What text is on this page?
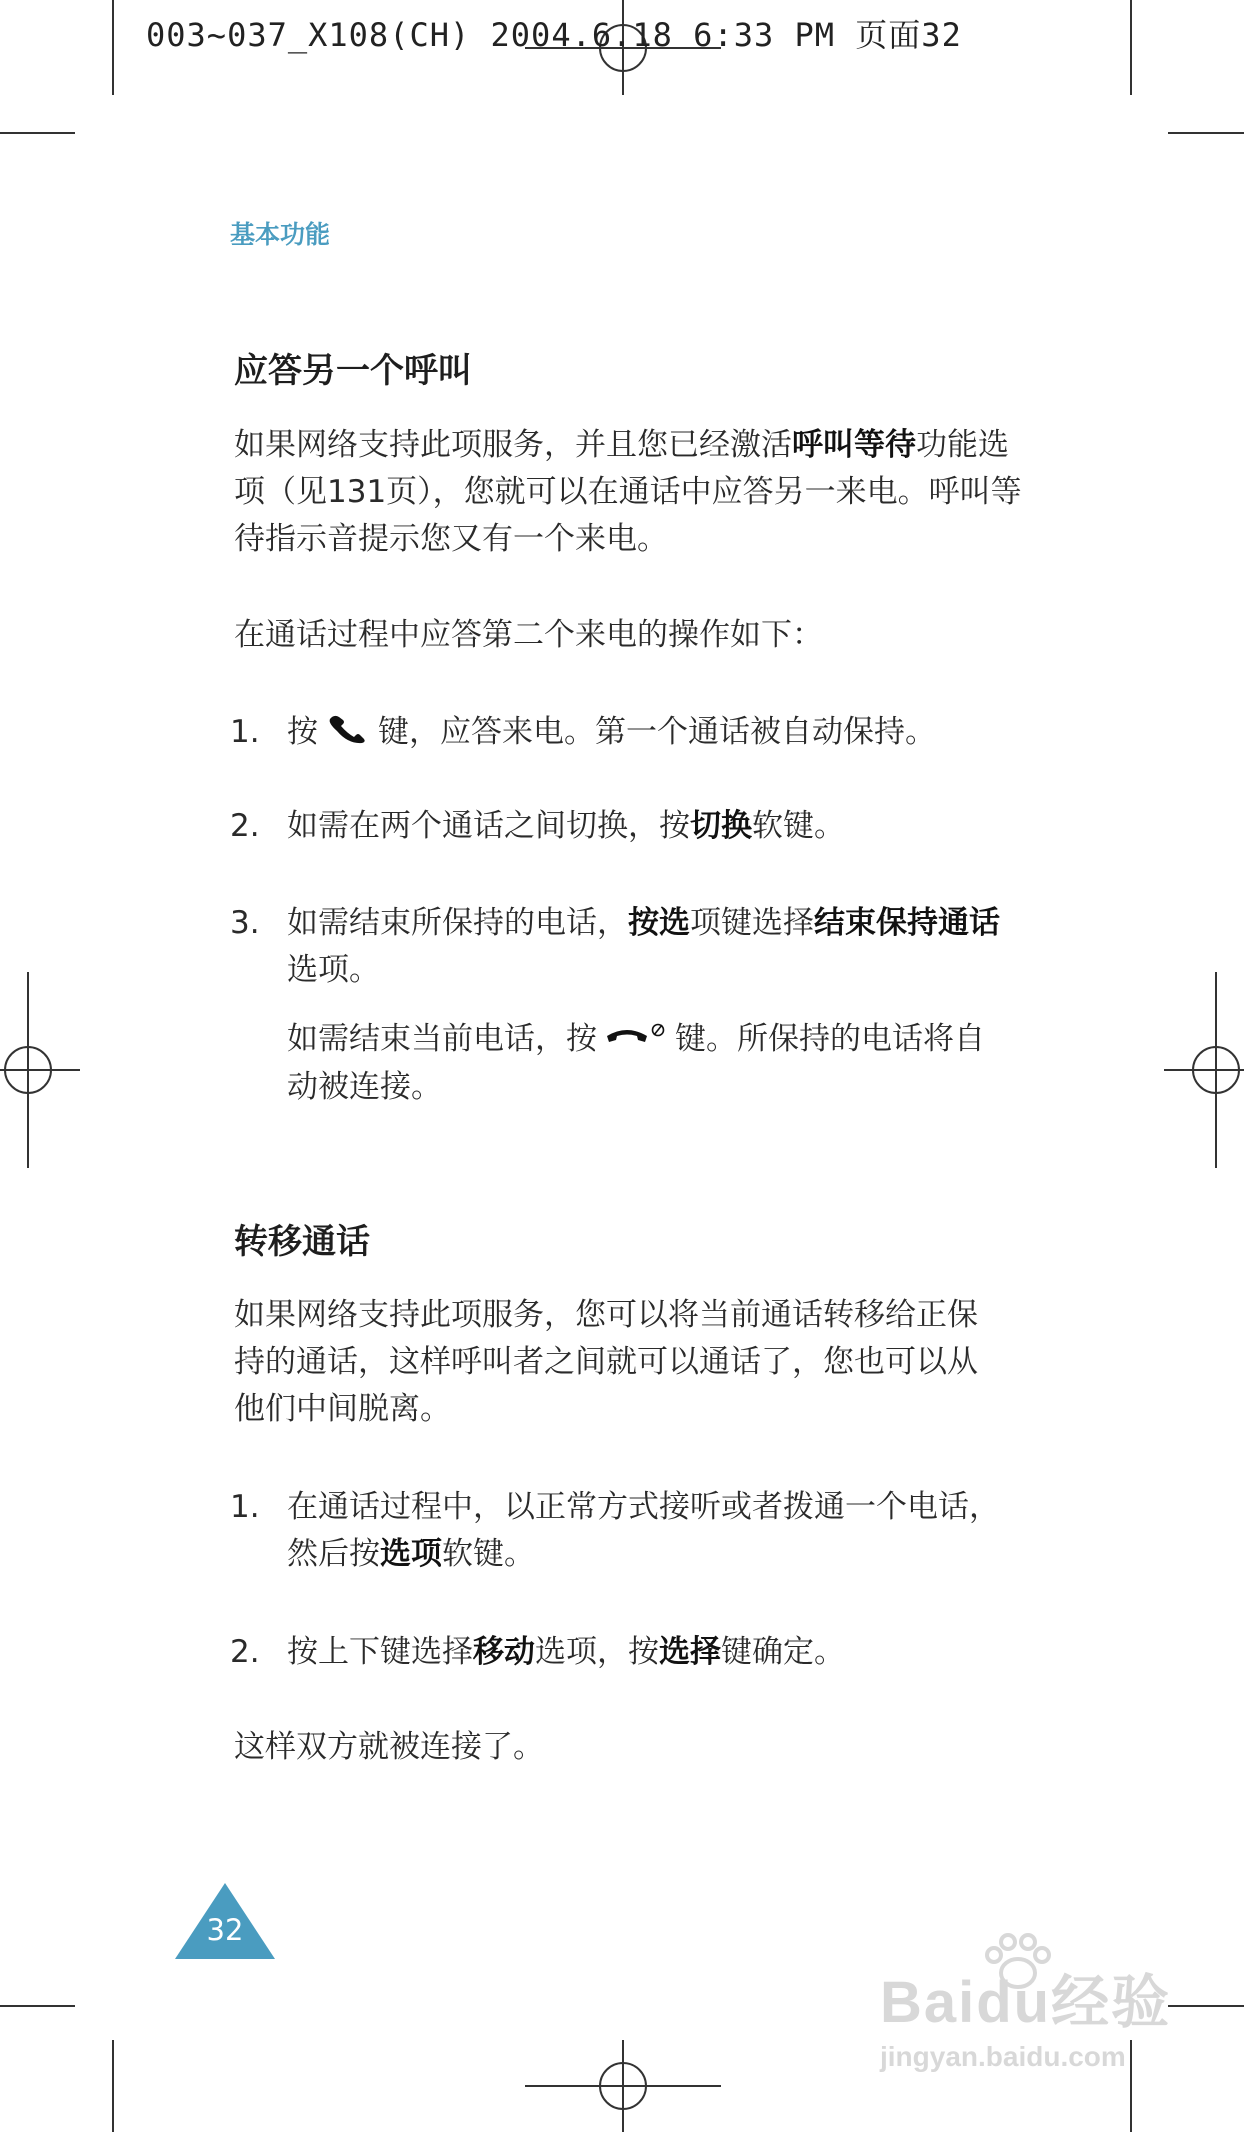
003~037_X108(CH) 2004.6.18 6:33 PM 页面32
基本功能
应答另一个呼叫
如果网络支持此项服务，并且您已经激活呼叫等待功能选项（见131页），您就可以在通话中应答另一来电。呼叫等待指示音提示您又有一个来电。
在通话过程中应答第二个来电的操作如下：
1. 按 键，应答来电。第一个通话被自动保持。
2. 如需在两个通话之间切换，按切换软键。
3. 如需结束所保持的电话，按选项键选择结束保持通话选项。
如需结束当前电话，按	键。所保持的电话将自动被连接。
转移通话
如果网络支持此项服务，您可以将当前通话转移给正保持的通话，这样呼叫者之间就可以通话了，您也可以从他们中间脱离。
1. 在通话过程中，以正常方式接听或者拨通一个电话，然后按选项软键。
2. 按上下键选择移动选项，按选择键确定。
这样双方就被连接了。
32
Baidu经验
jingyan.baidu.com
